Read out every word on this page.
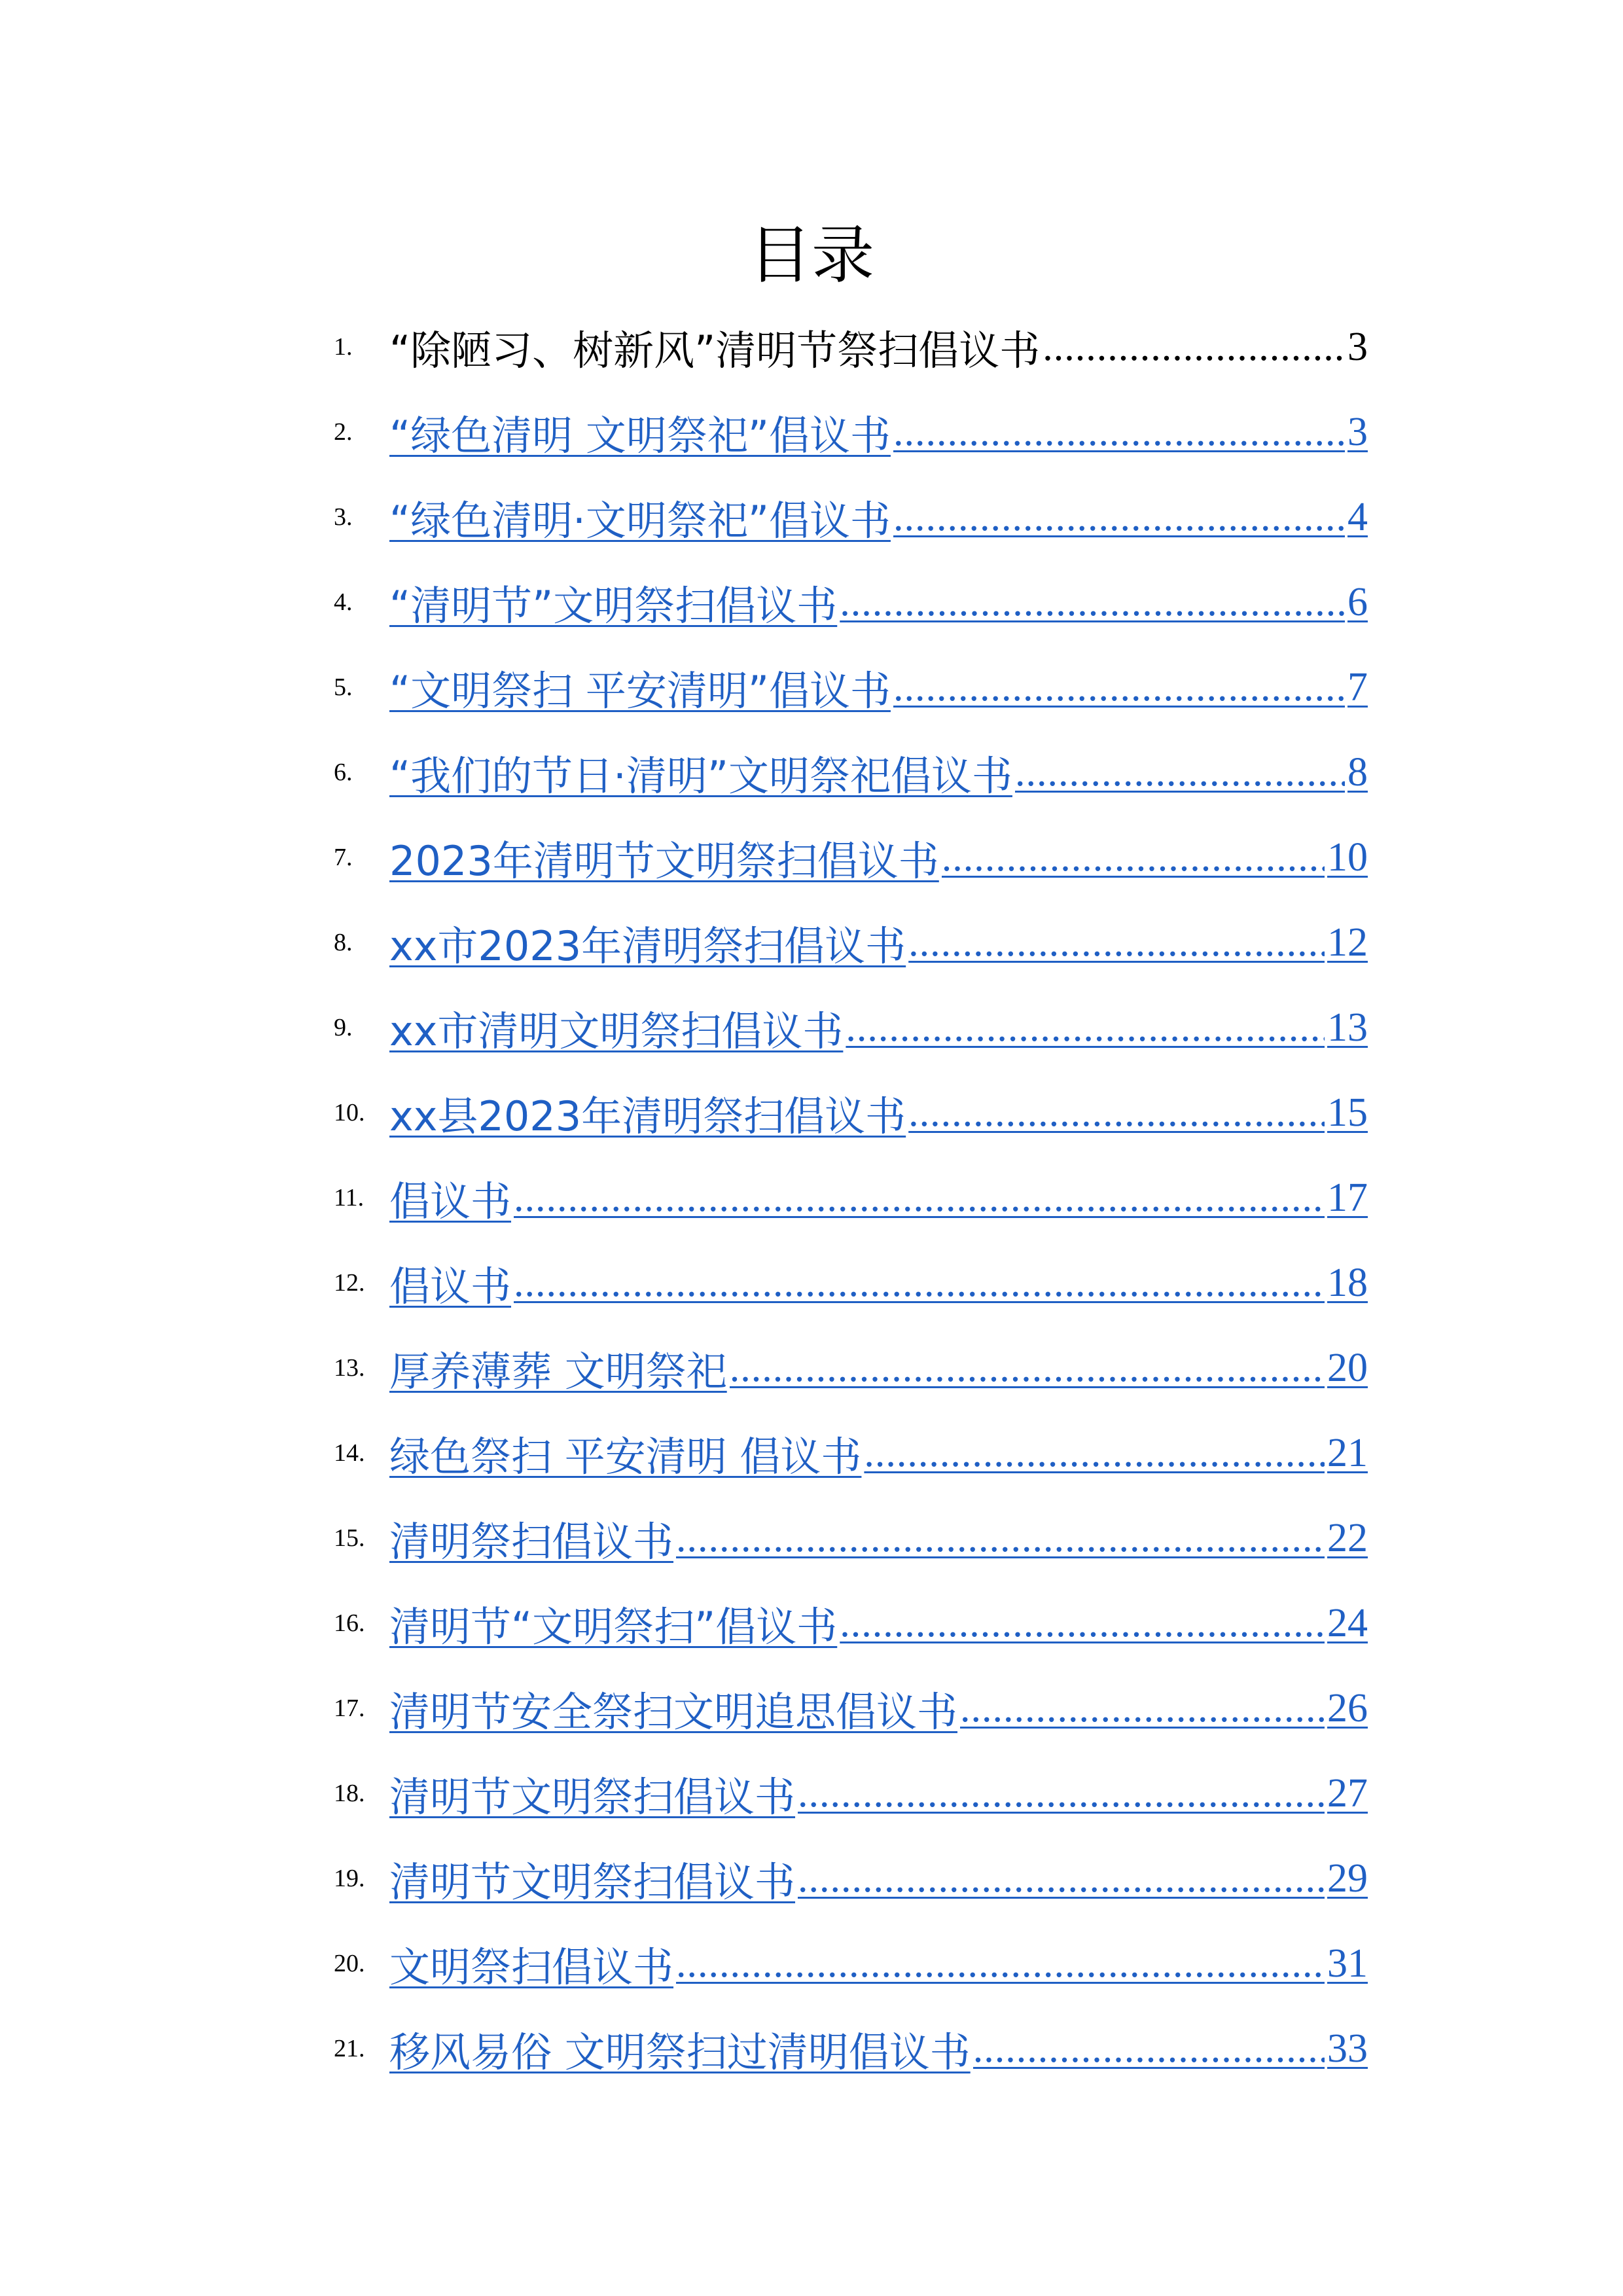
目录
1. “除陋习、树新风”清明节祭扫倡议书 .....	3
2. “绿色清明 文明祭祀”倡议书 .....	3
3. “绿色清明·文明祭祀”倡议书 .....	4
4. “清明节”文明祭扫倡议书 .....	6
5. “文明祭扫 平安清明”倡议书 .....	7
6. “我们的节日·清明”文明祭祀倡议书 .....	8
7. 2023年清明节文明祭扫倡议书 .....	10
8. xx市2023年清明祭扫倡议书 .....	12
9. xx市清明文明祭扫倡议书 .....	13
10. xx县2023年清明祭扫倡议书 .....	15
11. 倡议书 .....	17
12. 倡议书 .....	18
13. 厚养薄葬 文明祭祀 .....	20
14. 绿色祭扫 平安清明 倡议书 .....	21
15. 清明祭扫倡议书 .....	22
16. 清明节“文明祭扫”倡议书 .....	24
17. 清明节安全祭扫文明追思倡议书 .....	26
18. 清明节文明祭扫倡议书 .....	27
19. 清明节文明祭扫倡议书 .....	29
20. 文明祭扫倡议书 .....	31
21. 移风易俗 文明祭扫过清明倡议书 .....	33
